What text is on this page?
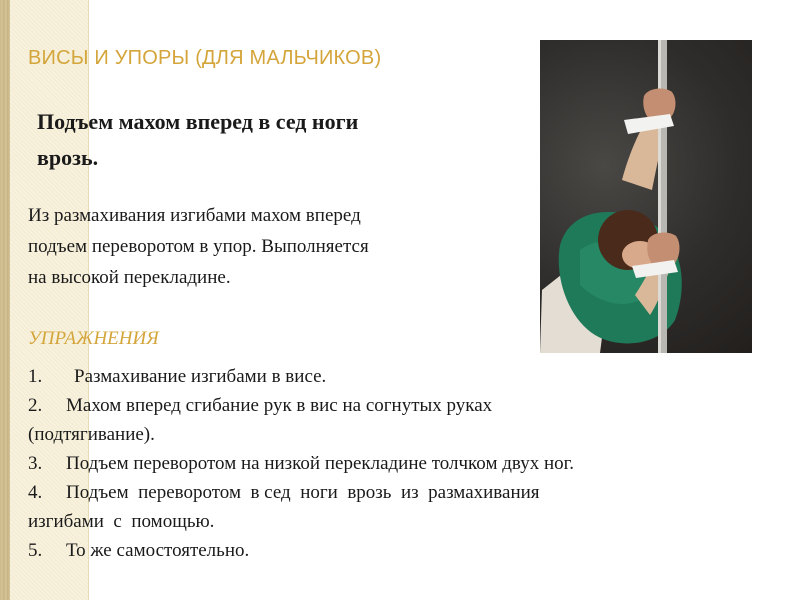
ВИСЫ И УПОРЫ (ДЛЯ МАЛЬЧИКОВ)
Подъем махом вперед в сед ноги
врозь.
Из размахивания изгибами махом вперед
подъем переворотом в упор. Выполняется
на высокой перекладине.
УПРАЖНЕНИЯ
1. Размахивание изгибами в висе.
2. Махом вперед сгибание рук в вис на согнутых руках
(подтягивание).
3. Подъем переворотом на низкой перекладине толчком двух ног.
4. Подъем  переворотом  в сед  ноги  врозь  из  размахивания
изгибами  с  помощью.
5. То же самостоятельно.
